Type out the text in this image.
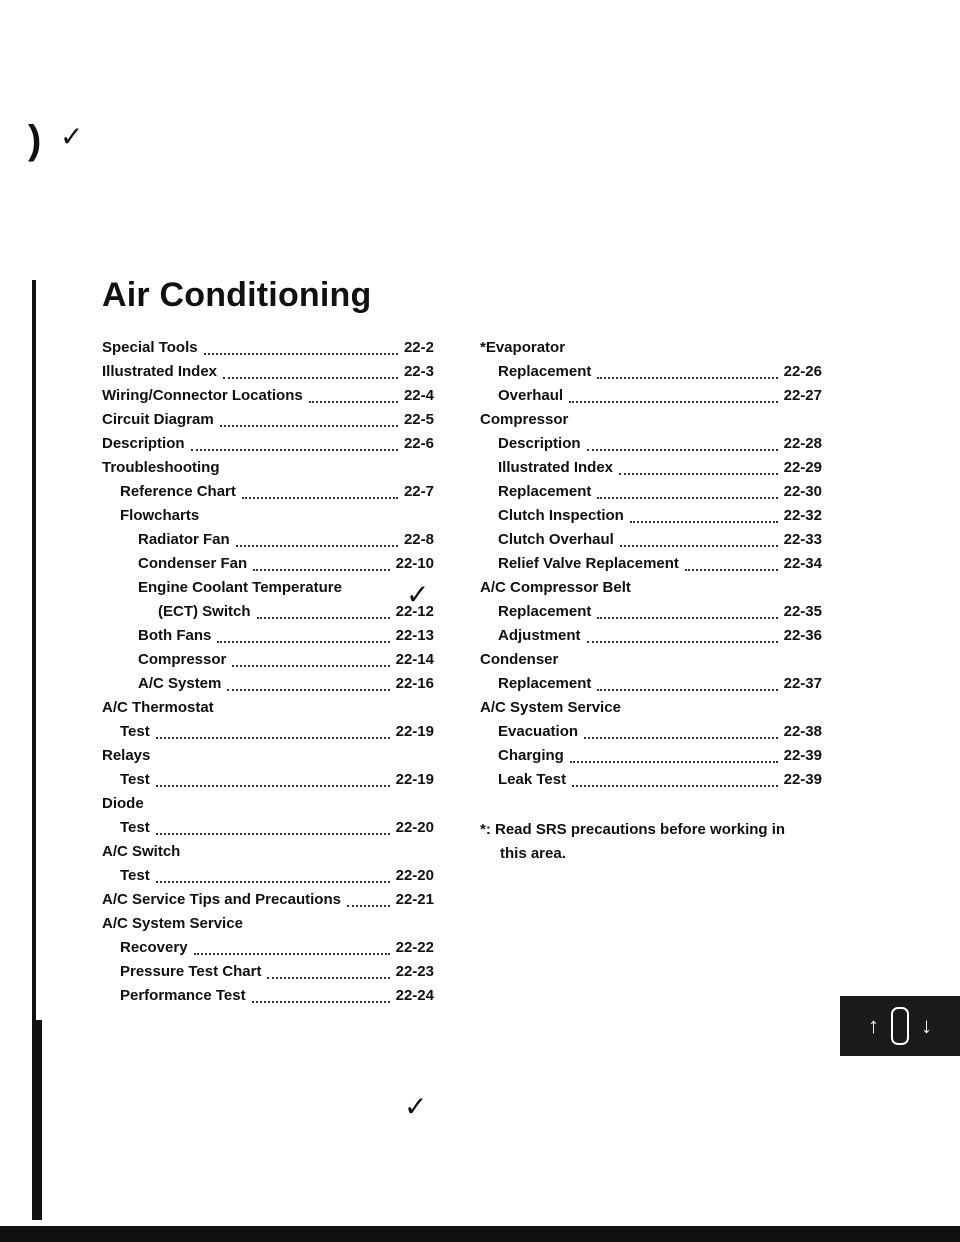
) ✓
✓
✓
Air Conditioning
Special Tools	22-2
Illustrated Index	22-3
Wiring/Connector Locations	22-4
Circuit Diagram	22-5
Description	22-6
Troubleshooting
Reference Chart	22-7
Flowcharts
Radiator Fan	22-8
Condenser Fan	22-10
Engine Coolant Temperature
(ECT) Switch	22-12
Both Fans	22-13
Compressor	22-14
A/C System	22-16
A/C Thermostat
Test	22-19
Relays
Test	22-19
Diode
Test	22-20
A/C Switch
Test	22-20
A/C Service Tips and Precautions	22-21
A/C System Service
Recovery	22-22
Pressure Test Chart	22-23
Performance Test	22-24
*Evaporator
Replacement	22-26
Overhaul	22-27
Compressor
Description	22-28
Illustrated Index	22-29
Replacement	22-30
Clutch Inspection	22-32
Clutch Overhaul	22-33
Relief Valve Replacement	22-34
A/C Compressor Belt
Replacement	22-35
Adjustment	22-36
Condenser
Replacement	22-37
A/C System Service
Evacuation	22-38
Charging	22-39
Leak Test	22-39
*: Read SRS precautions before working in
this area.
↑ ↓
